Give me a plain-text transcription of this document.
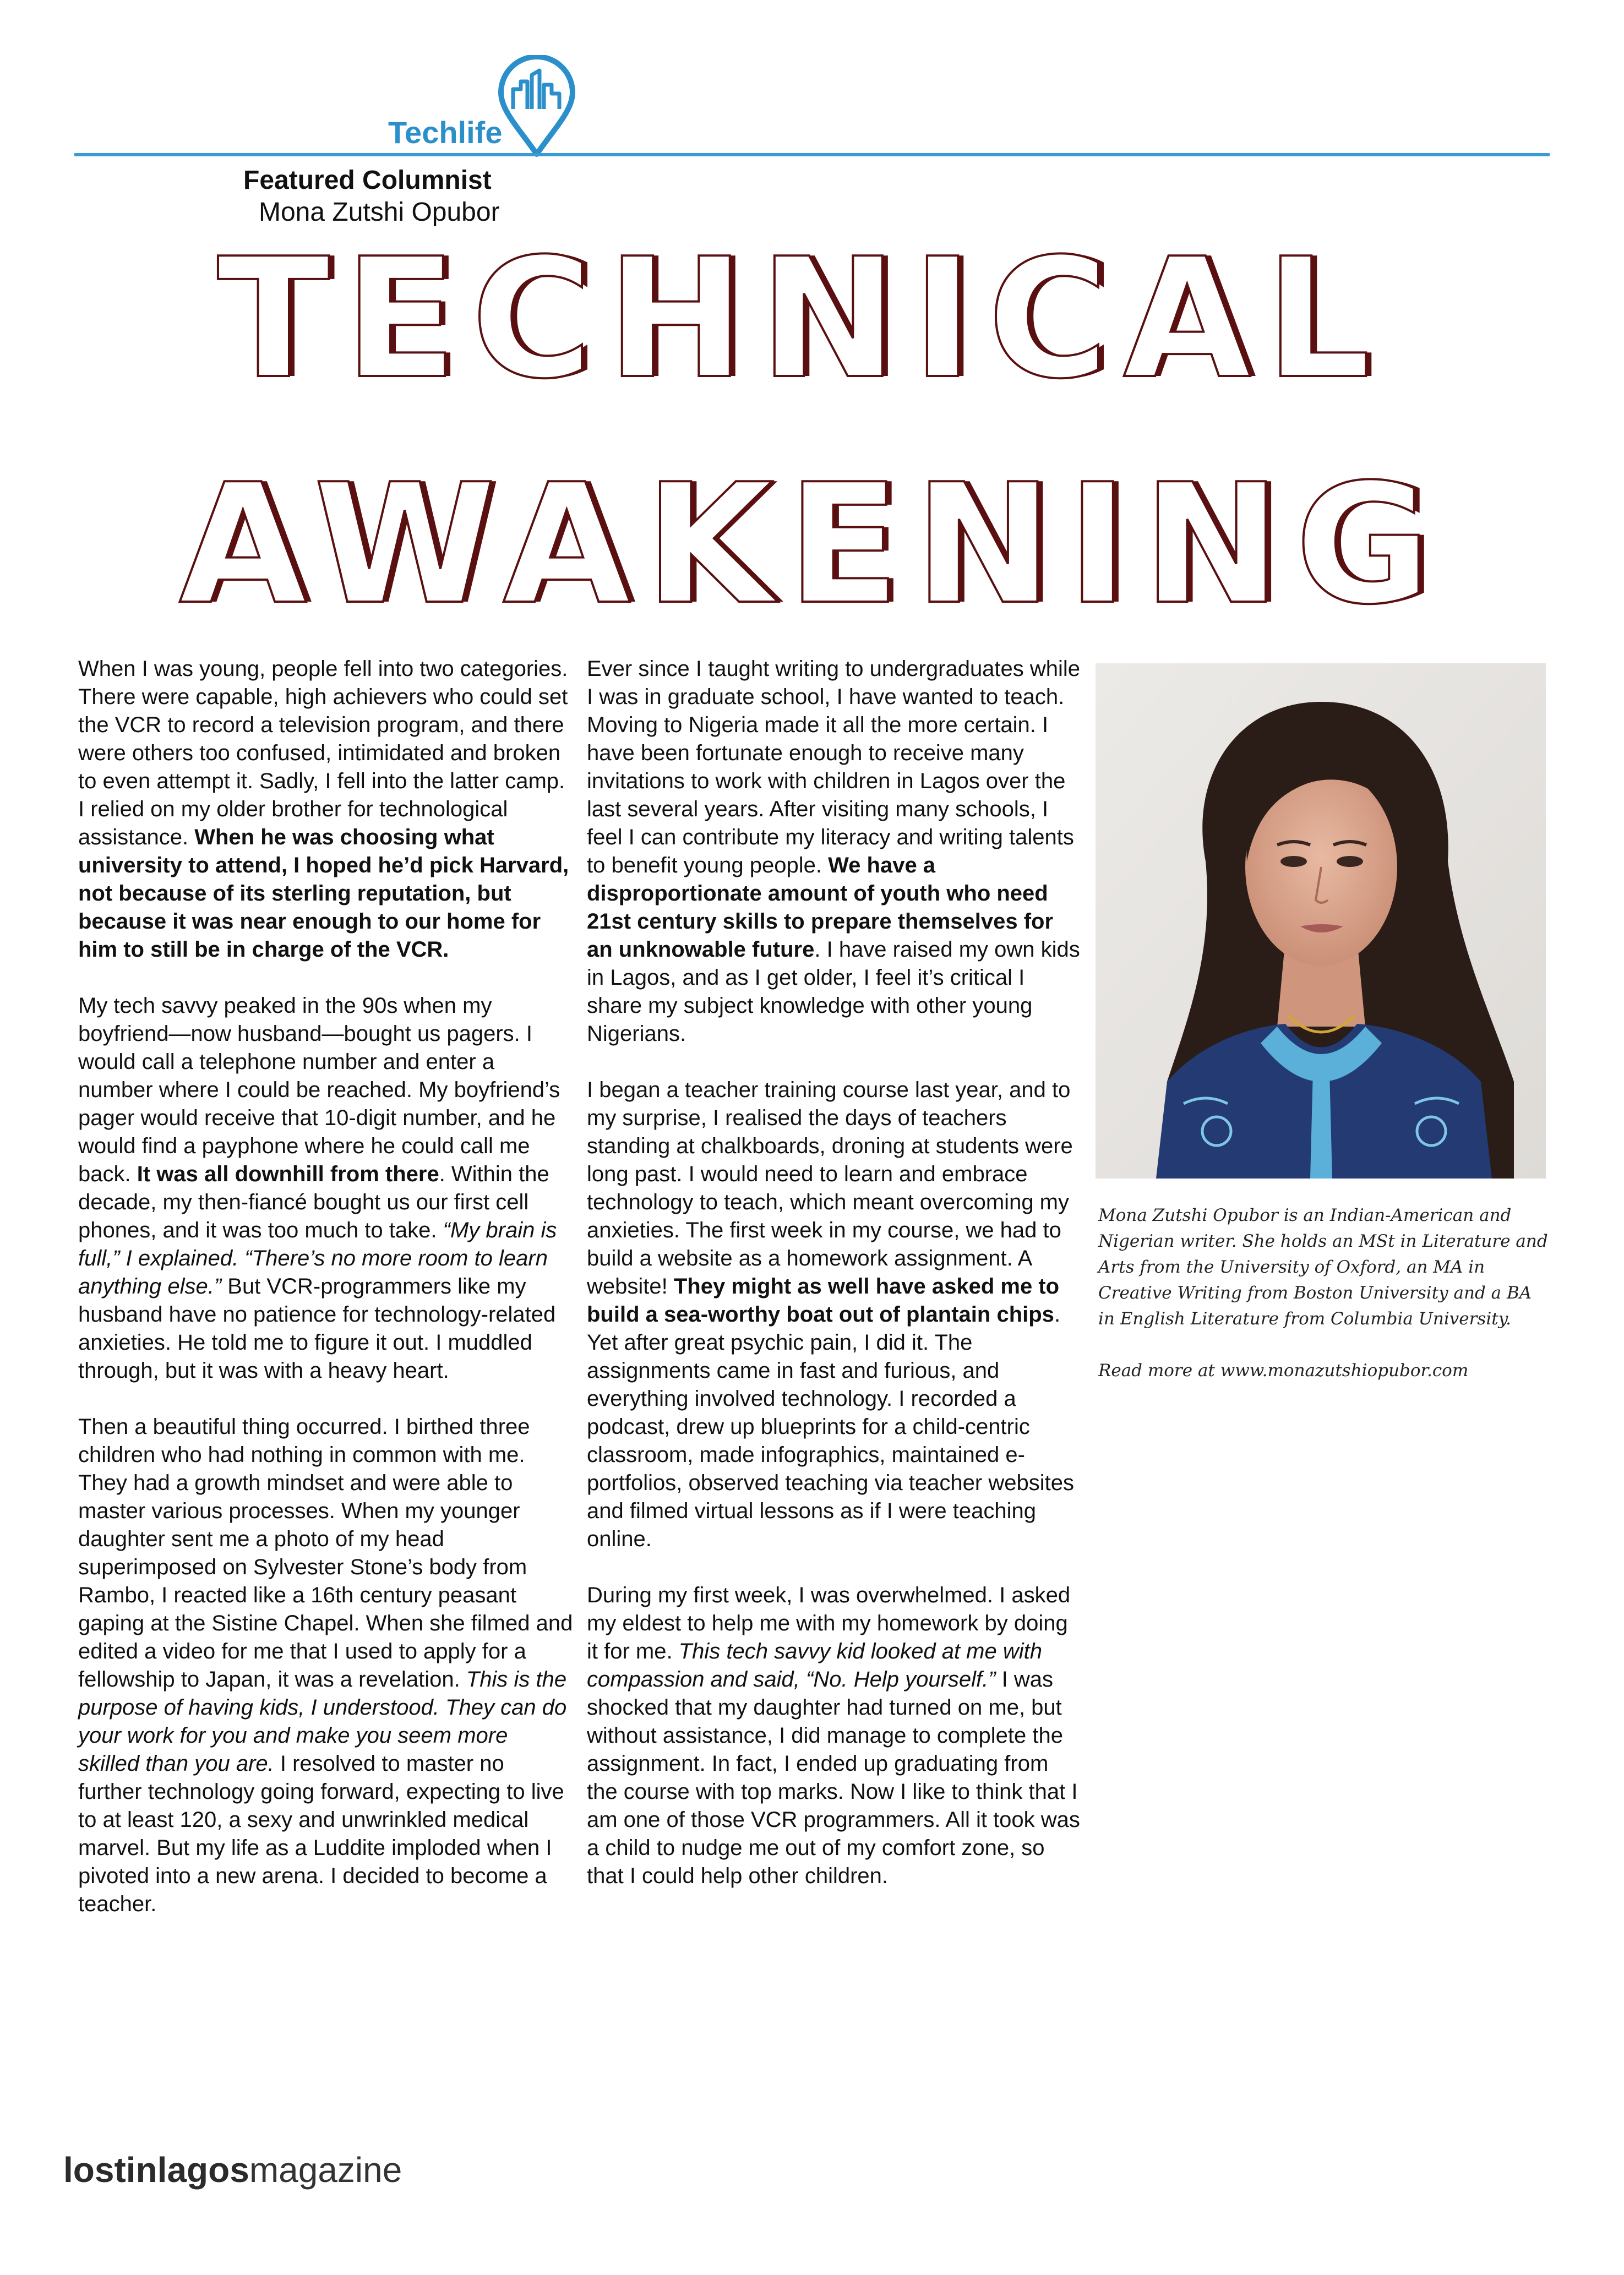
Techlife
Featured Columnist
Mona Zutshi Opubor
TECHNICAL
AWAKENING

When I was young, people fell into two categories. There were capable, high achievers who could set the VCR to record a television program, and there were others too confused, intimidated and broken to even attempt it. Sadly, I fell into the latter camp. I relied on my older brother for technological assistance. When he was choosing what university to attend, I hoped he’d pick Harvard, not because of its sterling reputation, but because it was near enough to our home for him to still be in charge of the VCR.

My tech savvy peaked in the 90s when my boyfriend—now husband—bought us pagers. I would call a telephone number and enter a number where I could be reached. My boyfriend’s pager would receive that 10-digit number, and he would find a payphone where he could call me back. It was all downhill from there. Within the decade, my then-fiancé bought us our first cell phones, and it was too much to take. “My brain is full,” I explained. “There’s no more room to learn anything else.” But VCR-programmers like my husband have no patience for technology-related anxieties. He told me to figure it out. I muddled through, but it was with a heavy heart.

Then a beautiful thing occurred. I birthed three children who had nothing in common with me. They had a growth mindset and were able to master various processes. When my younger daughter sent me a photo of my head superimposed on Sylvester Stone’s body from Rambo, I reacted like a 16th century peasant gaping at the Sistine Chapel. When she filmed and edited a video for me that I used to apply for a fellowship to Japan, it was a revelation. This is the purpose of having kids, I understood. They can do your work for you and make you seem more skilled than you are. I resolved to master no further technology going forward, expecting to live to at least 120, a sexy and unwrinkled medical marvel. But my life as a Luddite imploded when I pivoted into a new arena. I decided to become a teacher.

Ever since I taught writing to undergraduates while I was in graduate school, I have wanted to teach. Moving to Nigeria made it all the more certain. I have been fortunate enough to receive many invitations to work with children in Lagos over the last several years. After visiting many schools, I feel I can contribute my literacy and writing talents to benefit young people. We have a disproportionate amount of youth who need 21st century skills to prepare themselves for an unknowable future. I have raised my own kids in Lagos, and as I get older, I feel it’s critical I share my subject knowledge with other young Nigerians.

I began a teacher training course last year, and to my surprise, I realised the days of teachers standing at chalkboards, droning at students were long past. I would need to learn and embrace technology to teach, which meant overcoming my anxieties. The first week in my course, we had to build a website as a homework assignment. A website! They might as well have asked me to build a sea-worthy boat out of plantain chips. Yet after great psychic pain, I did it. The assignments came in fast and furious, and everything involved technology. I recorded a podcast, drew up blueprints for a child-centric classroom, made infographics, maintained e-portfolios, observed teaching via teacher websites and filmed virtual lessons as if I were teaching online.

During my first week, I was overwhelmed. I asked my eldest to help me with my homework by doing it for me. This tech savvy kid looked at me with compassion and said, “No. Help yourself.” I was shocked that my daughter had turned on me, but without assistance, I did manage to complete the assignment. In fact, I ended up graduating from the course with top marks. Now I like to think that I am one of those VCR programmers. All it took was a child to nudge me out of my comfort zone, so that I could help other children.

Mona Zutshi Opubor is an Indian-American and Nigerian writer. She holds an MSt in Literature and Arts from the University of Oxford, an MA in Creative Writing from Boston University and a BA in English Literature from Columbia University.

Read more at www.monazutshiopubor.com

lostinlagosmagazine
